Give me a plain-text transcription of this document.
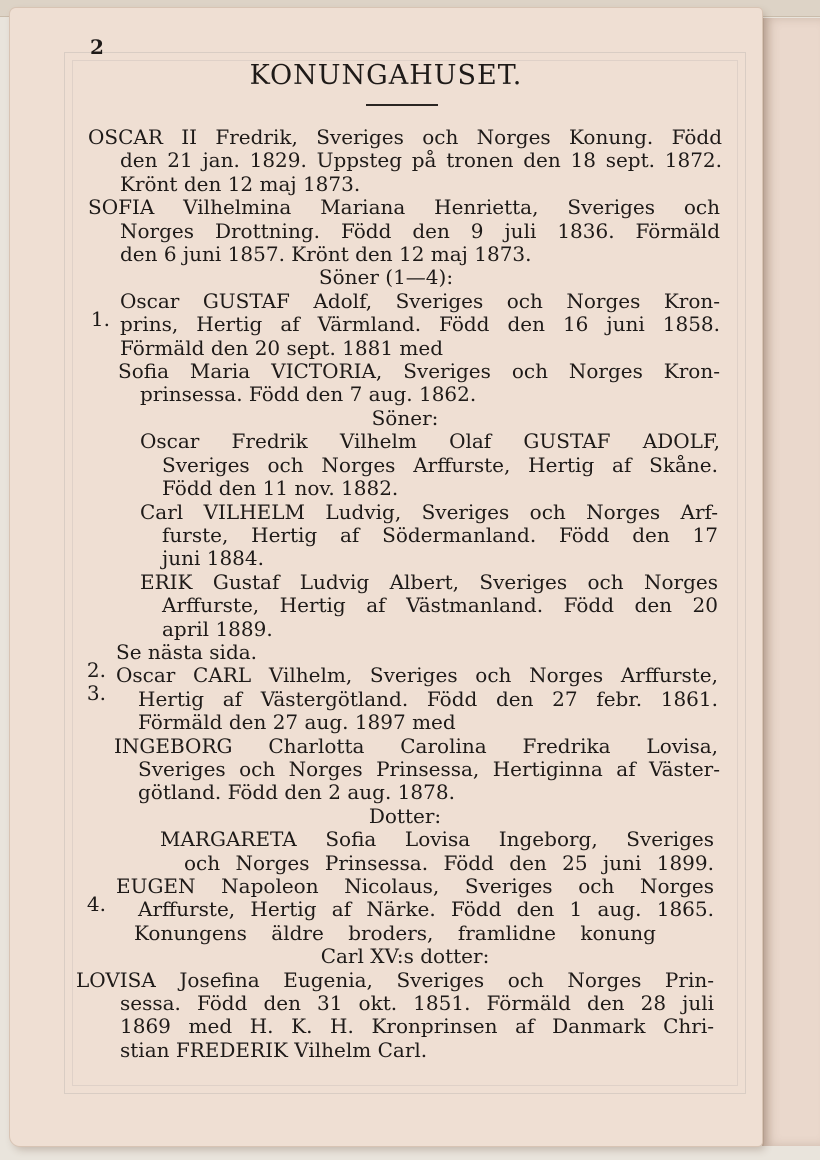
2
KONUNGAHUSET.
OSCAR II Fredrik, Sveriges och Norges Konung. Född
den 21 jan. 1829. Uppsteg på tronen den 18 sept. 1872.
Krönt den 12 maj 1873.
SOFIA Vilhelmina Mariana Henrietta, Sveriges och
Norges Drottning. Född den 9 juli 1836. Förmäld
den 6 juni 1857. Krönt den 12 maj 1873.
Söner (1—4):
1.
Oscar GUSTAF Adolf, Sveriges och Norges Kron-
prins, Hertig af Värmland. Född den 16 juni 1858.
Förmäld den 20 sept. 1881 med
Sofia Maria VICTORIA, Sveriges och Norges Kron-
prinsessa. Född den 7 aug. 1862.
Söner:
Oscar Fredrik Vilhelm Olaf GUSTAF ADOLF,
Sveriges och Norges Arffurste, Hertig af Skåne.
Född den 11 nov. 1882.
Carl VILHELM Ludvig, Sveriges och Norges Arf-
furste, Hertig af Södermanland. Född den 17
juni 1884.
ERIK Gustaf Ludvig Albert, Sveriges och Norges
Arffurste, Hertig af Västmanland. Född den 20
april 1889.
2.
Se nästa sida.
3.
Oscar CARL Vilhelm, Sveriges och Norges Arffurste,
Hertig af Västergötland. Född den 27 febr. 1861.
Förmäld den 27 aug. 1897 med
INGEBORG Charlotta Carolina Fredrika Lovisa,
Sveriges och Norges Prinsessa, Hertiginna af Väster-
götland. Född den 2 aug. 1878.
Dotter:
MARGARETA Sofia Lovisa Ingeborg, Sveriges
och Norges Prinsessa. Född den 25 juni 1899.
4.
EUGEN Napoleon Nicolaus, Sveriges och Norges
Arffurste, Hertig af Närke. Född den 1 aug. 1865.
Konungens äldre broders, framlidne konung
Carl XV:s dotter:
LOVISA Josefina Eugenia, Sveriges och Norges Prin-
sessa. Född den 31 okt. 1851. Förmäld den 28 juli
1869 med H. K. H. Kronprinsen af Danmark Chri-
stian FREDERIK Vilhelm Carl.
